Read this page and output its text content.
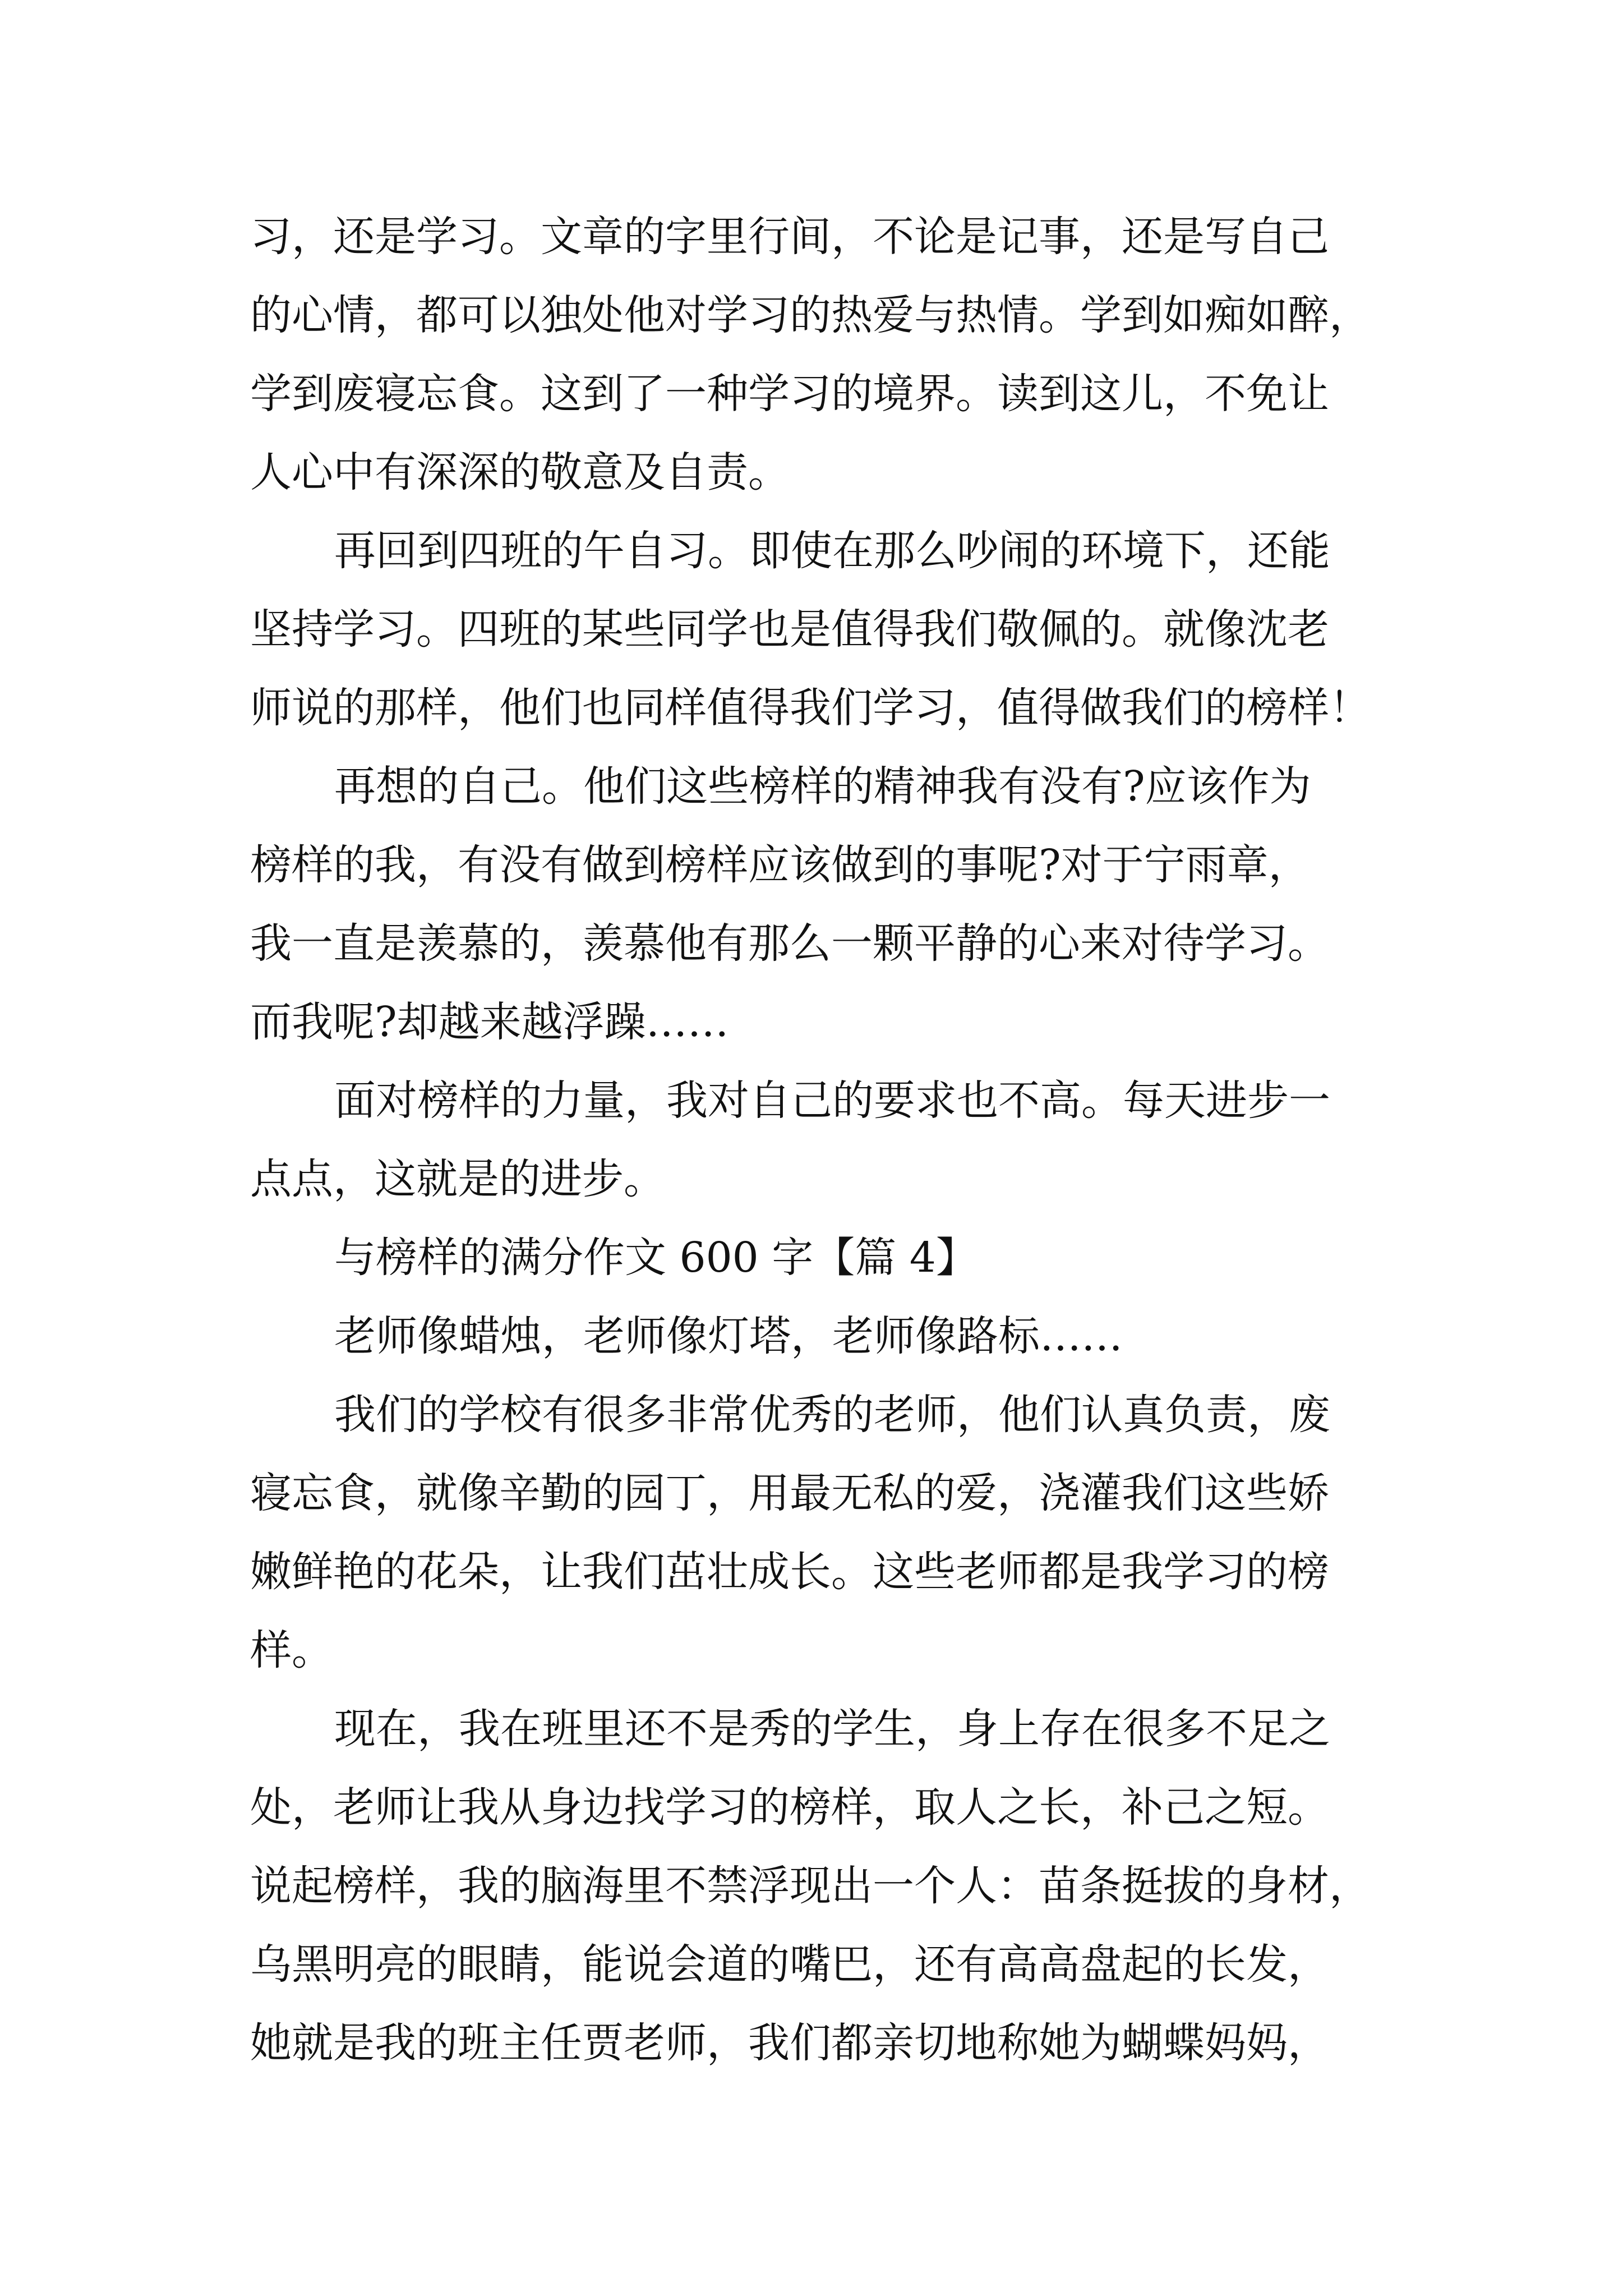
习，还是学习。文章的字里行间，不论是记事，还是写自己
的心情，都可以独处他对学习的热爱与热情。学到如痴如醉，
学到废寝忘食。这到了一种学习的境界。读到这儿，不免让
人心中有深深的敬意及自责。
再回到四班的午自习。即使在那么吵闹的环境下，还能
坚持学习。四班的某些同学也是值得我们敬佩的。就像沈老
师说的那样，他们也同样值得我们学习，值得做我们的榜样！
再想的自己。他们这些榜样的精神我有没有?应该作为
榜样的我，有没有做到榜样应该做到的事呢?对于宁雨章，
我一直是羡慕的，羡慕他有那么一颗平静的心来对待学习。
而我呢?却越来越浮躁……
面对榜样的力量，我对自己的要求也不高。每天进步一
点点，这就是的进步。
与榜样的满分作文 600 字【篇 4】
老师像蜡烛，老师像灯塔，老师像路标……
我们的学校有很多非常优秀的老师，他们认真负责，废
寝忘食，就像辛勤的园丁，用最无私的爱，浇灌我们这些娇
嫩鲜艳的花朵，让我们茁壮成长。这些老师都是我学习的榜
样。
现在，我在班里还不是秀的学生，身上存在很多不足之
处，老师让我从身边找学习的榜样，取人之长，补己之短。
说起榜样，我的脑海里不禁浮现出一个人：苗条挺拔的身材，
乌黑明亮的眼睛，能说会道的嘴巴，还有高高盘起的长发，
她就是我的班主任贾老师，我们都亲切地称她为蝴蝶妈妈，
